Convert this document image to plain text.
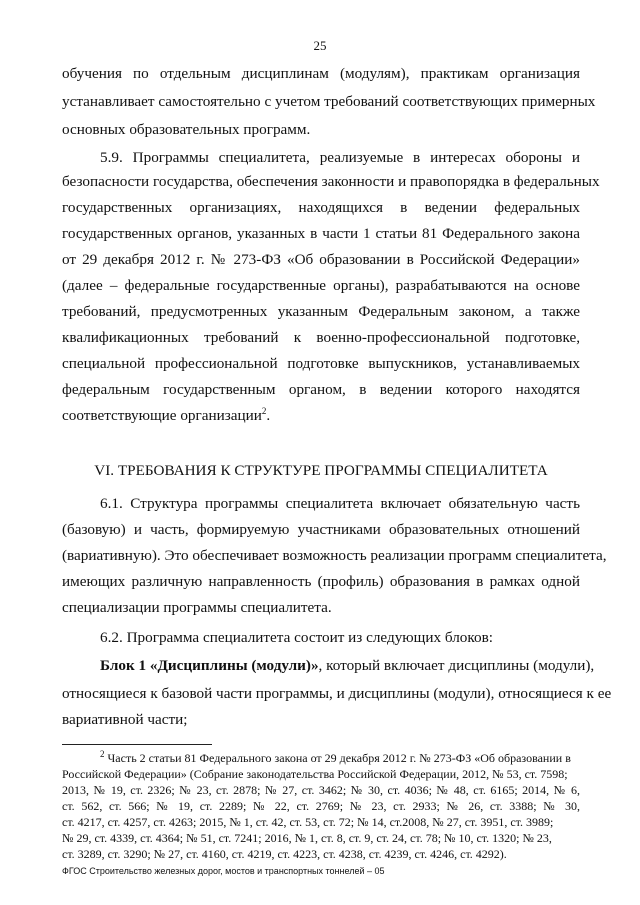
25
обучения по отдельным дисциплинам (модулям), практикам организация
устанавливает самостоятельно с учетом требований соответствующих примерных
основных образовательных программ.
5.9. Программы специалитета, реализуемые в интересах обороны и
безопасности государства, обеспечения законности и правопорядка в федеральных
государственных организациях, находящихся в ведении федеральных
государственных органов, указанных в части 1 статьи 81 Федерального закона
от 29 декабря 2012 г. № 273-ФЗ «Об образовании в Российской Федерации»
(далее – федеральные государственные органы), разрабатываются на основе
требований, предусмотренных указанным Федеральным законом, а также
квалификационных требований к военно-профессиональной подготовке,
специальной профессиональной подготовке выпускников, устанавливаемых
федеральным государственным органом, в ведении которого находятся
соответствующие организации$^2$.
VI. ТРЕБОВАНИЯ К СТРУКТУРЕ ПРОГРАММЫ СПЕЦИАЛИТЕТА
6.1. Структура программы специалитета включает обязательную часть
(базовую) и часть, формируемую участниками образовательных отношений
(вариативную). Это обеспечивает возможность реализации программ специалитета,
имеющих различную направленность (профиль) образования в рамках одной
специализации программы специалитета.
6.2. Программа специалитета состоит из следующих блоков:
Блок 1 «Дисциплины (модули)», который включает дисциплины (модули),
относящиеся к базовой части программы, и дисциплины (модули), относящиеся к ее
вариативной части;
$^2$ Часть 2 статьи 81 Федерального закона от 29 декабря 2012 г. № 273-ФЗ «Об образовании в
Российской Федерации» (Собрание законодательства Российской Федерации, 2012, № 53, ст. 7598;
2013, № 19, ст. 2326; № 23, ст. 2878; № 27, ст. 3462; № 30, ст. 4036; № 48, ст. 6165; 2014, № 6,
ст. 562, ст. 566; № 19, ст. 2289; № 22, ст. 2769; № 23, ст. 2933; № 26, ст. 3388; № 30,
ст. 4217, ст. 4257, ст. 4263; 2015, № 1, ст. 42, ст. 53, ст. 72; № 14, ст.2008, № 27, ст. 3951, ст. 3989;
№ 29, ст. 4339, ст. 4364; № 51, ст. 7241; 2016, № 1, ст. 8, ст. 9, ст. 24, ст. 78; № 10, ст. 1320; № 23,
ст. 3289, ст. 3290; № 27, ст. 4160, ст. 4219, ст. 4223, ст. 4238, ст. 4239, ст. 4246, ст. 4292).
ФГОС Строительство железных дорог, мостов и транспортных тоннелей – 05
